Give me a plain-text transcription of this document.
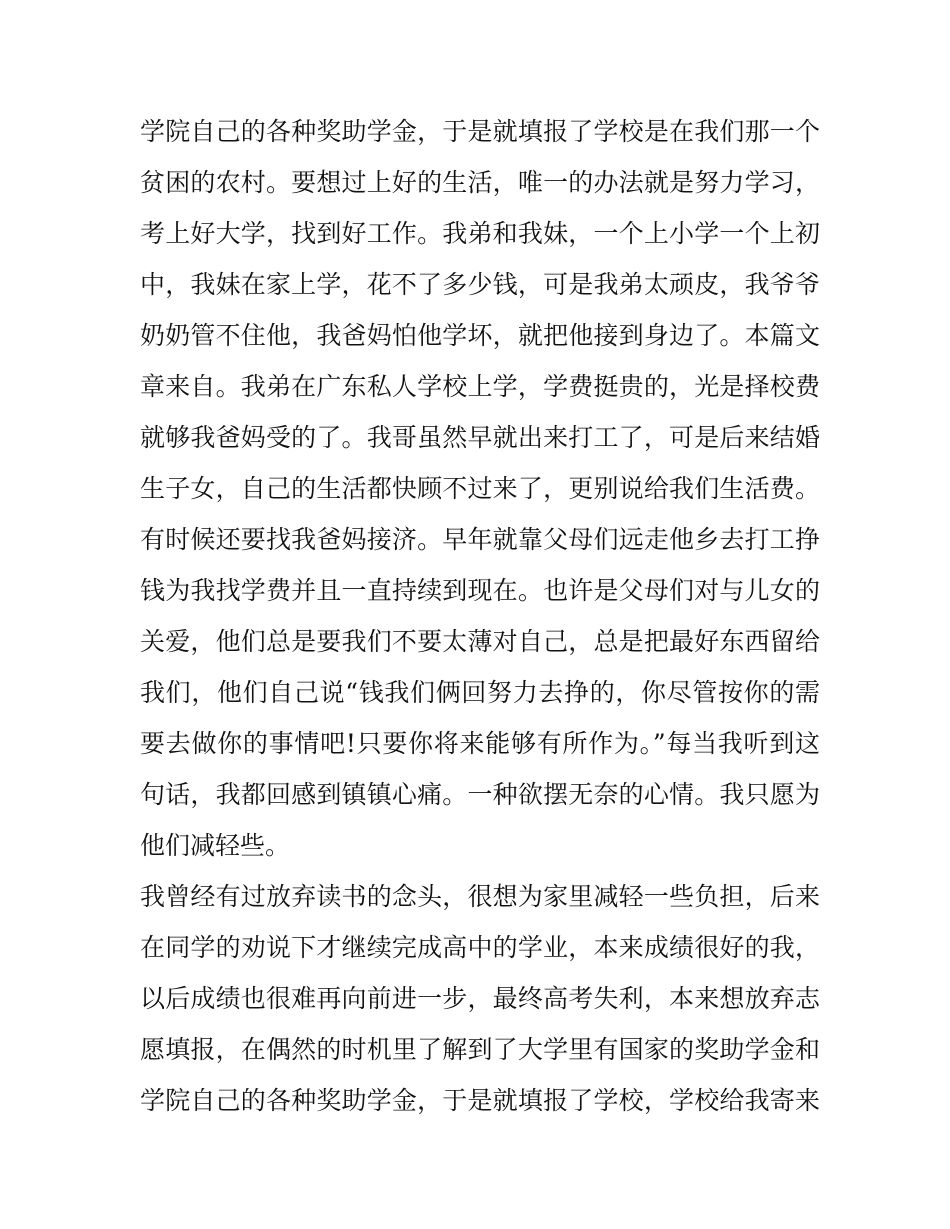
学院自己的各种奖助学金，于是就填报了学校是在我们那一个
贫困的农村。要想过上好的生活，唯一的办法就是努力学习，
考上好大学，找到好工作。我弟和我妹，一个上小学一个上初
中，我妹在家上学，花不了多少钱，可是我弟太顽皮，我爷爷
奶奶管不住他，我爸妈怕他学坏，就把他接到身边了。本篇文
章来自。我弟在广东私人学校上学，学费挺贵的，光是择校费
就够我爸妈受的了。我哥虽然早就出来打工了，可是后来结婚
生子女，自己的生活都快顾不过来了，更别说给我们生活费。
有时候还要找我爸妈接济。早年就靠父母们远走他乡去打工挣
钱为我找学费并且一直持续到现在。也许是父母们对与儿女的
关爱，他们总是要我们不要太薄对自己，总是把最好东西留给
我们，他们自己说“钱我们俩回努力去挣的，你尽管按你的需
要去做你的事情吧!只要你将来能够有所作为。”每当我听到这
句话，我都回感到镇镇心痛。一种欲摆无奈的心情。我只愿为
他们减轻些。
我曾经有过放弃读书的念头，很想为家里减轻一些负担，后来
在同学的劝说下才继续完成高中的学业，本来成绩很好的我，
以后成绩也很难再向前进一步，最终高考失利，本来想放弃志
愿填报，在偶然的时机里了解到了大学里有国家的奖助学金和
学院自己的各种奖助学金，于是就填报了学校，学校给我寄来
